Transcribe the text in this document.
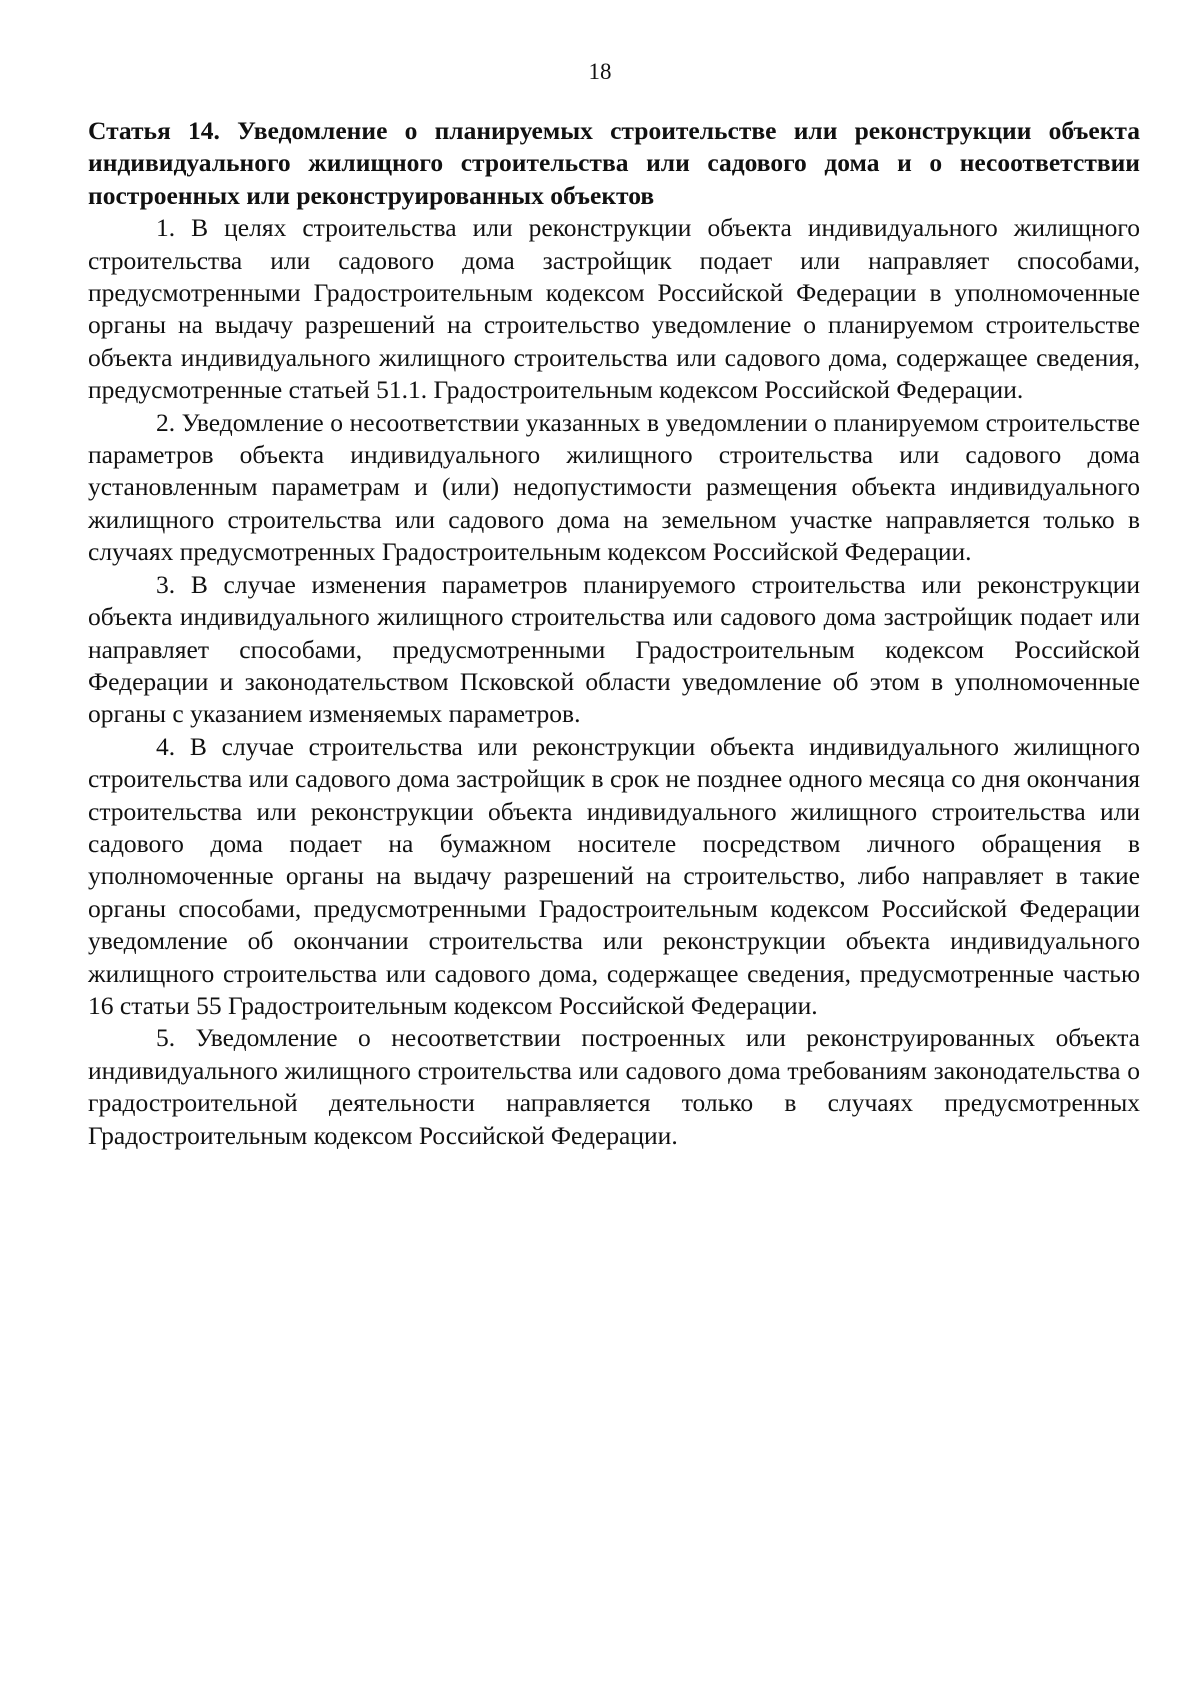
18

Статья 14. Уведомление о планируемых строительстве или реконструкции объекта индивидуального жилищного строительства или садового дома и о несоответствии построенных или реконструированных объектов

1. В целях строительства или реконструкции объекта индивидуального жилищного строительства или садового дома застройщик подает или направляет способами, предусмотренными Градостроительным кодексом Российской Федерации в уполномоченные органы на выдачу разрешений на строительство уведомление о планируемом строительстве объекта индивидуального жилищного строительства или садового дома, содержащее сведения, предусмотренные статьей 51.1. Градостроительным кодексом Российской Федерации.

2. Уведомление о несоответствии указанных в уведомлении о планируемом строительстве параметров объекта индивидуального жилищного строительства или садового дома установленным параметрам и (или) недопустимости размещения объекта индивидуального жилищного строительства или садового дома на земельном участке направляется только в случаях предусмотренных Градостроительным кодексом Российской Федерации.

3. В случае изменения параметров планируемого строительства или реконструкции объекта индивидуального жилищного строительства или садового дома застройщик подает или направляет способами, предусмотренными Градостроительным кодексом Российской Федерации и законодательством Псковской области уведомление об этом в уполномоченные органы с указанием изменяемых параметров.

4. В случае строительства или реконструкции объекта индивидуального жилищного строительства или садового дома застройщик в срок не позднее одного месяца со дня окончания строительства или реконструкции объекта индивидуального жилищного строительства или садового дома подает на бумажном носителе посредством личного обращения в уполномоченные органы на выдачу разрешений на строительство, либо направляет в такие органы способами, предусмотренными Градостроительным кодексом Российской Федерации уведомление об окончании строительства или реконструкции объекта индивидуального жилищного строительства или садового дома, содержащее сведения, предусмотренные частью 16 статьи 55 Градостроительным кодексом Российской Федерации.

5. Уведомление о несоответствии построенных или реконструированных объекта индивидуального жилищного строительства или садового дома требованиям законодательства о градостроительной деятельности направляется только в случаях предусмотренных Градостроительным кодексом Российской Федерации.
